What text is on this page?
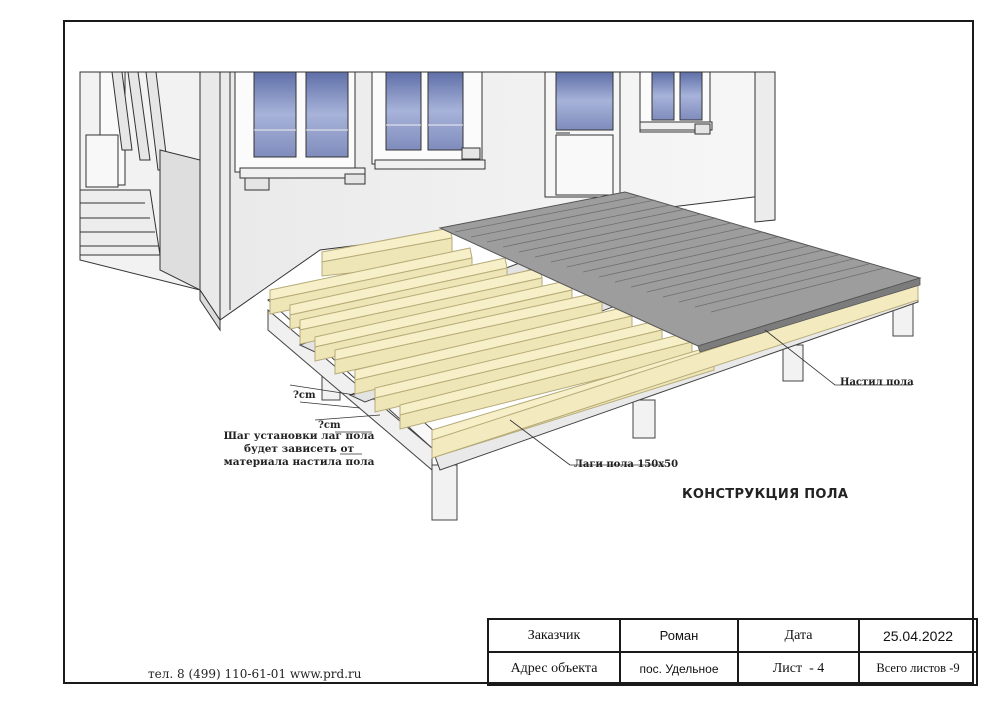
Настил пола
Лаги пола 150х50
?cm
?cm
Шаг установки лаг пола будет зависеть от материала настила пола
КОНСТРУКЦИЯ ПОЛА
тел. 8 (499) 110-61-01 www.prd.ru
Заказчик	Роман	Дата	25.04.2022
Адрес объекта	пос. Удельное	Лист  - 4	Всего листов -9
